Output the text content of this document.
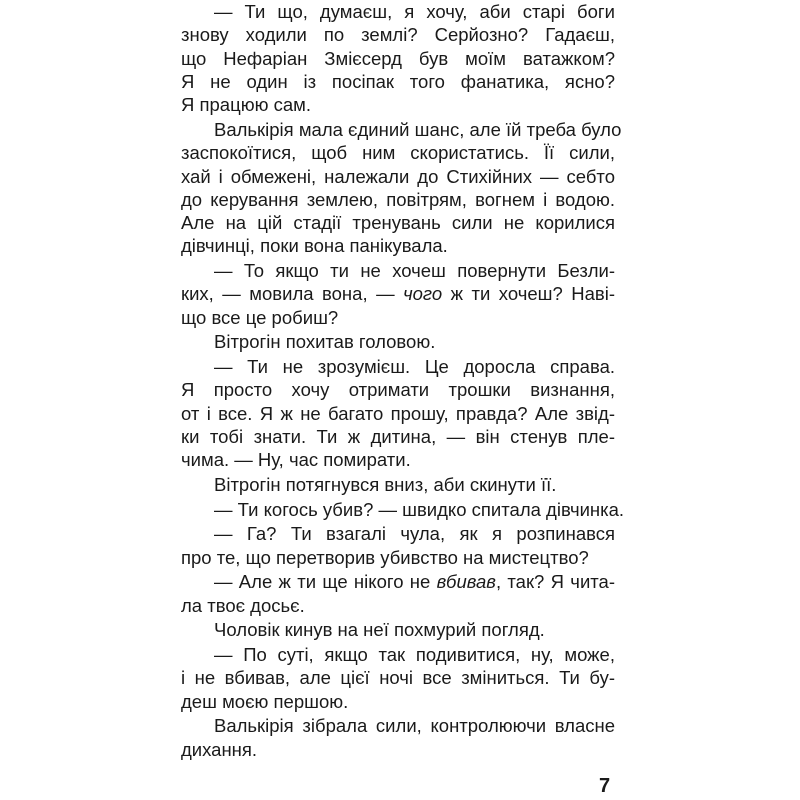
— Ти що, думаєш, я хочу, аби старі боги
знову ходили по землі? Серйозно? Гадаєш,
що Нефаріан Змієсерд був моїм ватажком?
Я не один із посіпак того фанатика, ясно?
Я працюю сам.
Валькірія мала єдиний шанс, але їй треба було
заспокоїтися, щоб ним скористатись. Її сили,
хай і обмежені, належали до Стихійних — себто
до керування землею, повітрям, вогнем і водою.
Але на цій стадії тренувань сили не корилися
дівчинці, поки вона панікувала.
— То якщо ти не хочеш повернути Безли-
ких, — мовила вона, — чого ж ти хочеш? Наві-
що все це робиш?
Вітрогін похитав головою.
— Ти не зрозумієш. Це доросла справа.
Я просто хочу отримати трошки визнання,
от і все. Я ж не багато прошу, правда? Але звід-
ки тобі знати. Ти ж дитина, — він стенув пле-
чима. — Ну, час помирати.
Вітрогін потягнувся вниз, аби скинути її.
— Ти когось убив? — швидко спитала дівчинка.
— Га? Ти взагалі чула, як я розпинався
про те, що перетворив убивство на мистецтво?
— Але ж ти ще нікого не вбивав, так? Я чита-
ла твоє досьє.
Чоловік кинув на неї похмурий погляд.
— По суті, якщо так подивитися, ну, може,
і не вбивав, але цієї ночі все зміниться. Ти бу-
деш моєю першою.
Валькірія зібрала сили, контролюючи власне
дихання.
7
